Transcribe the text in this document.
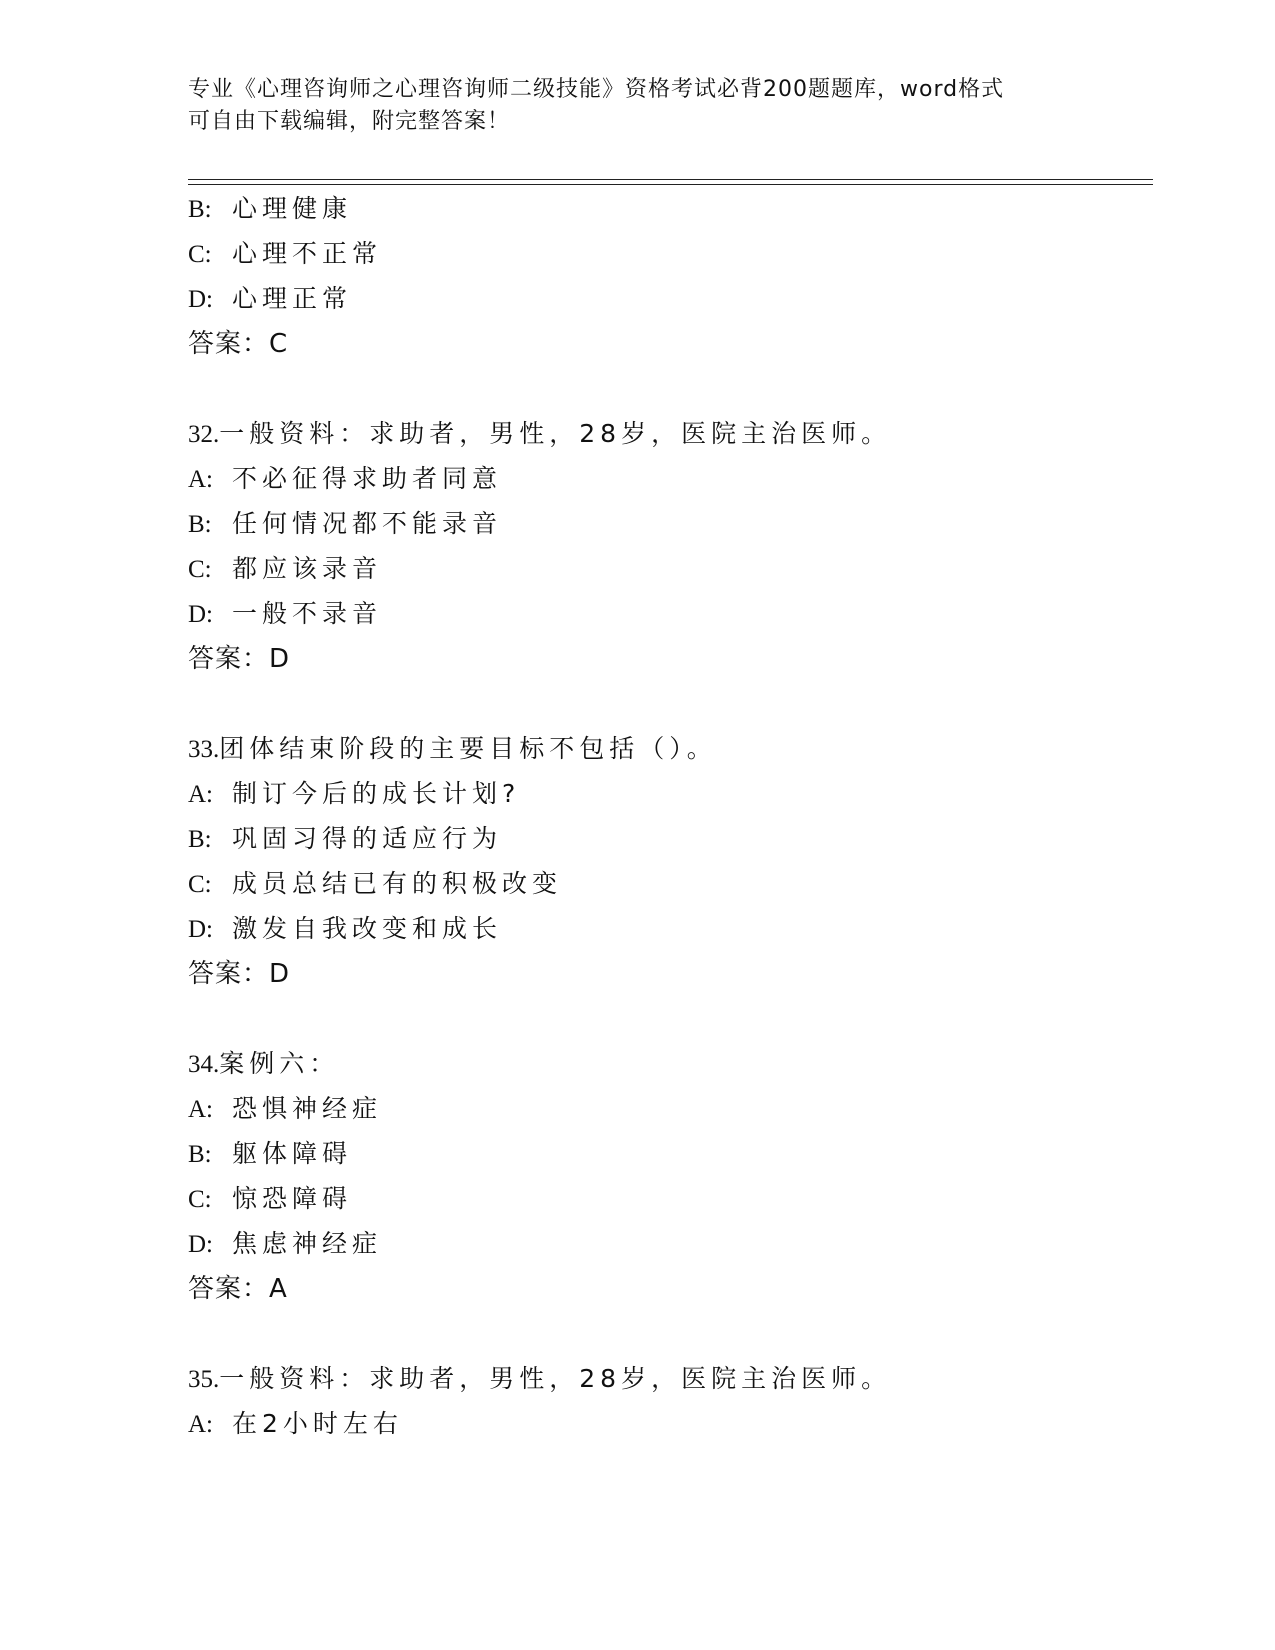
专业《心理咨询师之心理咨询师二级技能》资格考试必背200题题库，word格式
可自由下载编辑，附完整答案！
B: 心理健康
C: 心理不正常
D: 心理正常
答案：C
32.一般资料：求助者，男性，28岁，医院主治医师。
A: 不必征得求助者同意
B: 任何情况都不能录音
C: 都应该录音
D: 一般不录音
答案：D
33.团体结束阶段的主要目标不包括（）。
A: 制订今后的成长计划?
B: 巩固习得的适应行为
C: 成员总结已有的积极改变
D: 激发自我改变和成长
答案：D
34.案例六：
A: 恐惧神经症
B: 躯体障碍
C: 惊恐障碍
D: 焦虑神经症
答案：A
35.一般资料：求助者，男性，28岁，医院主治医师。
A: 在2小时左右
